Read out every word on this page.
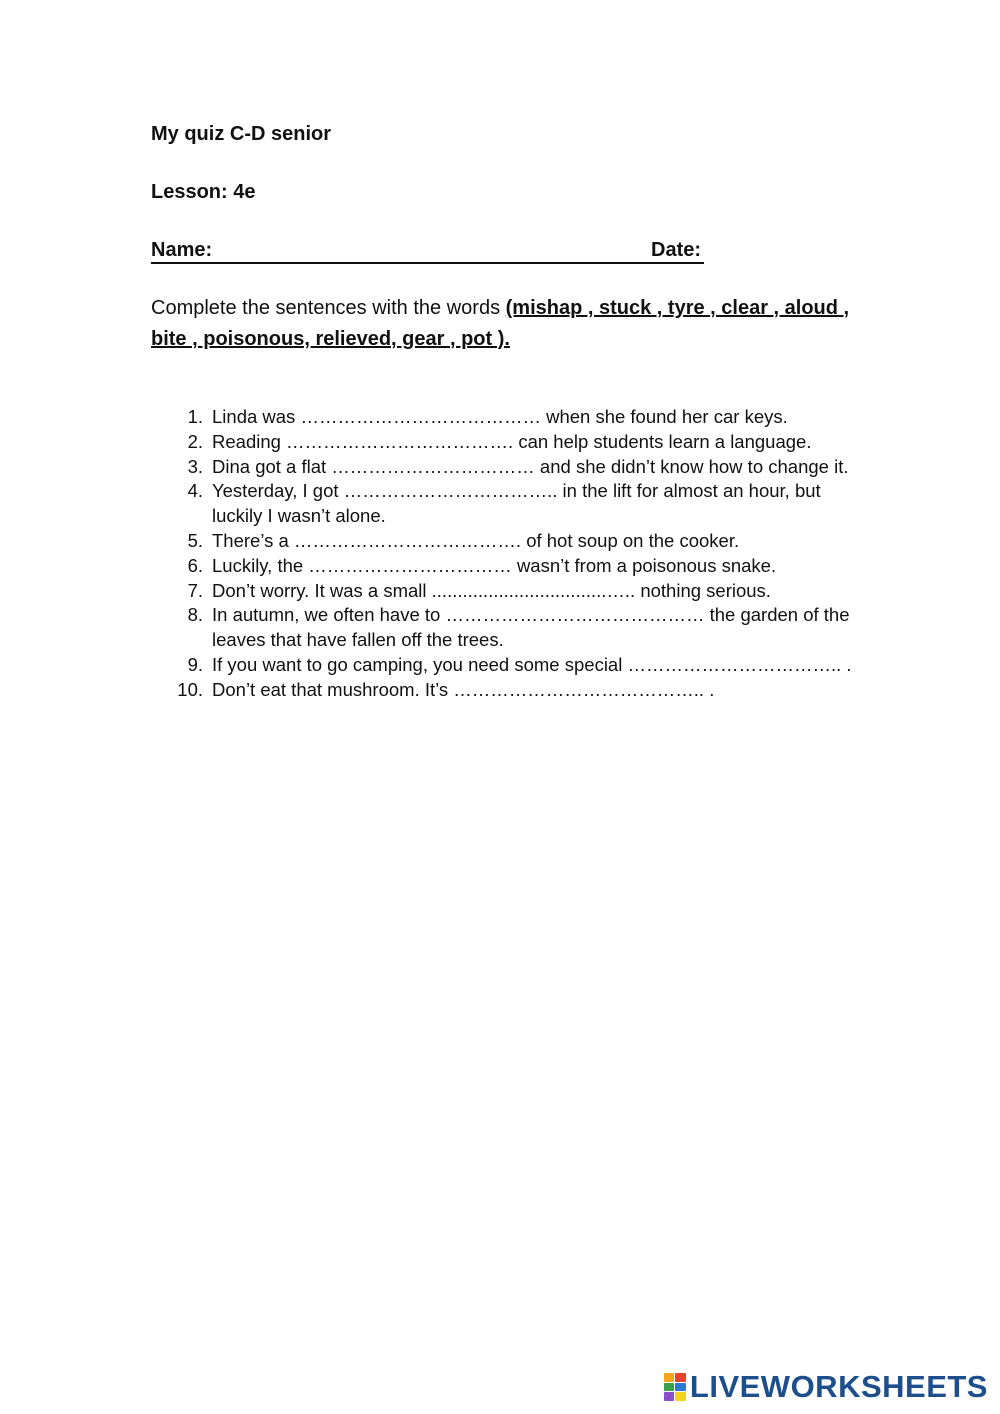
My quiz C-D senior
Lesson: 4e
Name:	Date:
Complete the sentences with the words (mishap , stuck , tyre , clear , aloud , bite , poisonous, relieved, gear , pot ).
1. Linda was ………………………………… when she found her car keys.
2. Reading ………………………………. can help students learn a language.
3. Dina got a flat …………………………… and she didn’t know how to change it.
4. Yesterday, I got …………………………….. in the lift for almost an hour, but luckily I wasn’t alone.
5. There’s a ………………………………. of hot soup on the cooker.
6. Luckily, the …………………………… wasn’t from a poisonous snake.
7. Don’t worry. It was a small ..................................….. nothing serious.
8. In autumn, we often have to …………………………………… the garden of the leaves that have fallen off the trees.
9. If you want to go camping, you need some special …………………………….. .
10. Don’t eat that mushroom. It’s ………………………………….. .
LIVEWORKSHEETS
